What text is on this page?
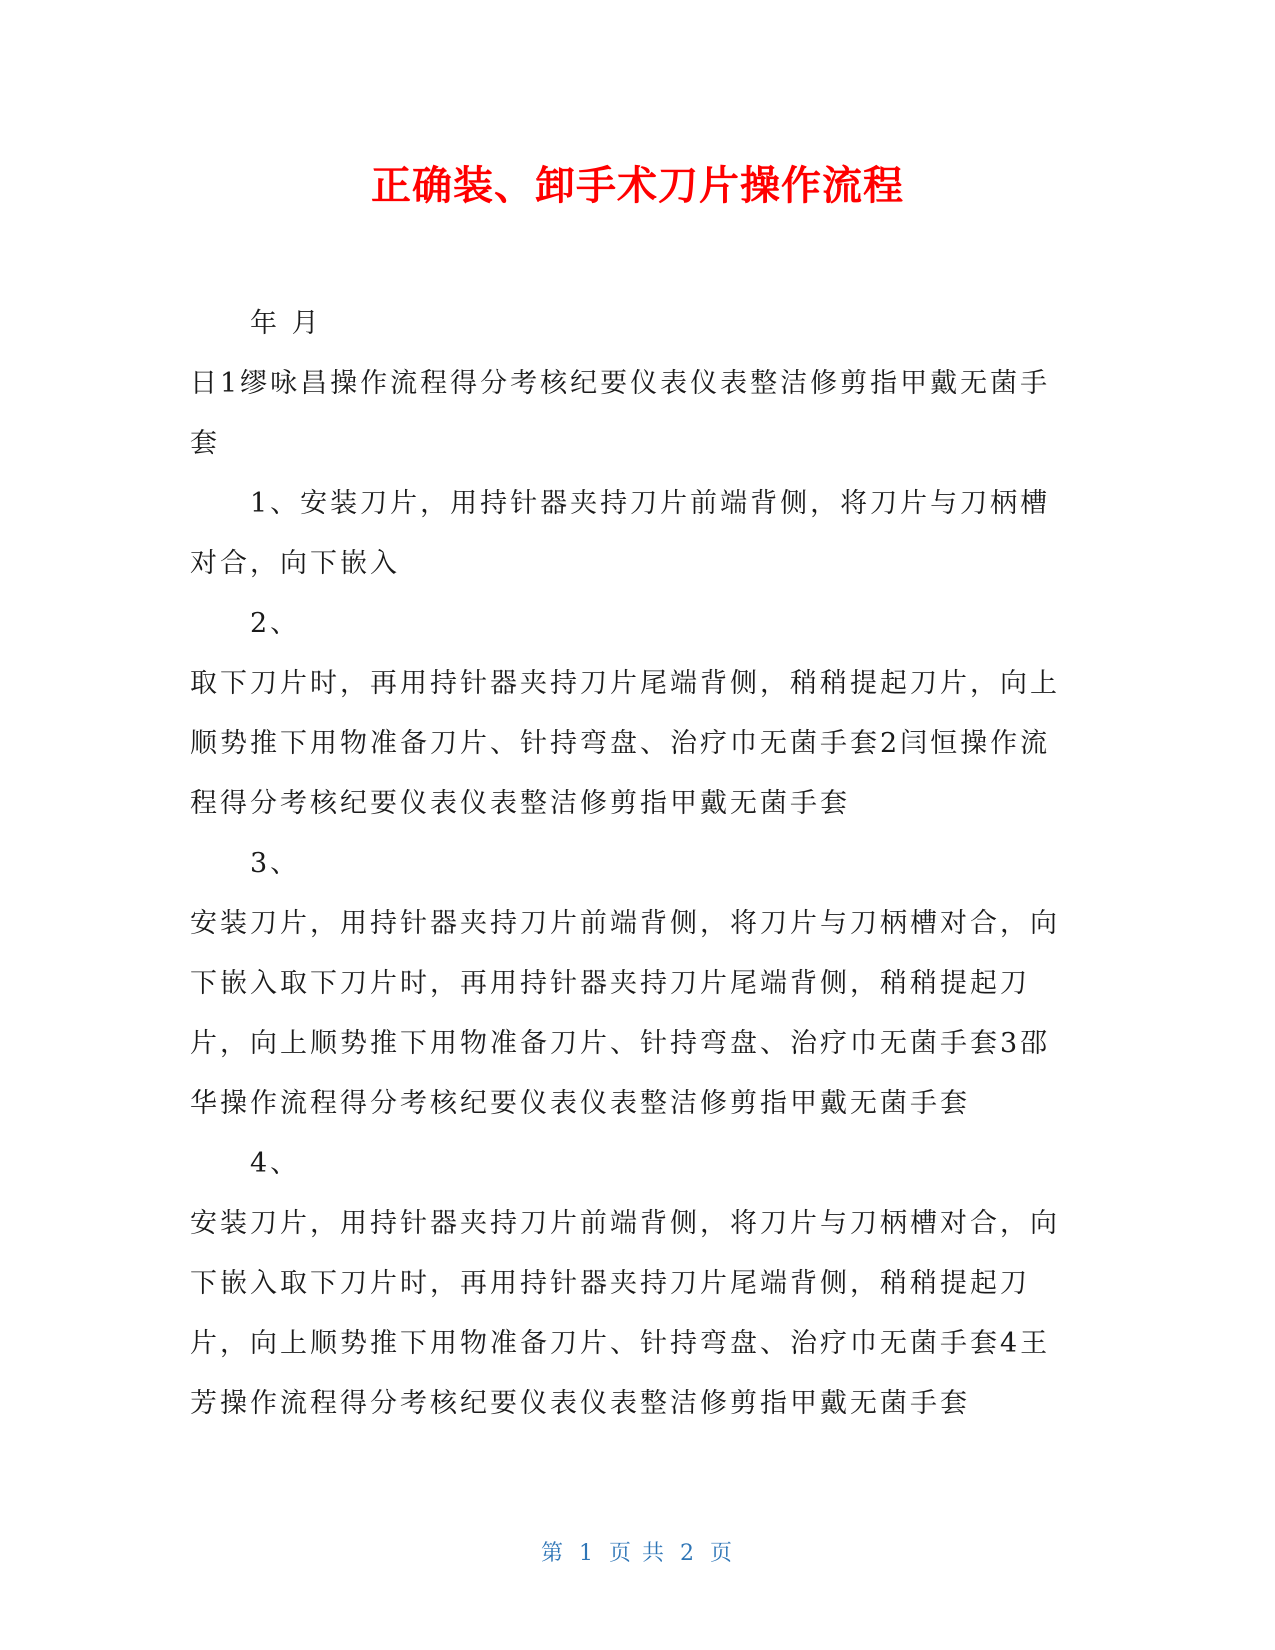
正确装、卸手术刀片操作流程

年 月

日1缪咏昌操作流程得分考核纪要仪表仪表整洁修剪指甲戴无菌手套

1、安装刀片，用持针器夹持刀片前端背侧，将刀片与刀柄槽对合，向下嵌入

2、

取下刀片时，再用持针器夹持刀片尾端背侧，稍稍提起刀片，向上顺势推下用物准备刀片、针持弯盘、治疗巾无菌手套2闫恒操作流程得分考核纪要仪表仪表整洁修剪指甲戴无菌手套

3、

安装刀片，用持针器夹持刀片前端背侧，将刀片与刀柄槽对合，向下嵌入取下刀片时，再用持针器夹持刀片尾端背侧，稍稍提起刀片，向上顺势推下用物准备刀片、针持弯盘、治疗巾无菌手套3邵华操作流程得分考核纪要仪表仪表整洁修剪指甲戴无菌手套

4、

安装刀片，用持针器夹持刀片前端背侧，将刀片与刀柄槽对合，向下嵌入取下刀片时，再用持针器夹持刀片尾端背侧，稍稍提起刀片，向上顺势推下用物准备刀片、针持弯盘、治疗巾无菌手套4王芳操作流程得分考核纪要仪表仪表整洁修剪指甲戴无菌手套

第 1 页 共 2 页
